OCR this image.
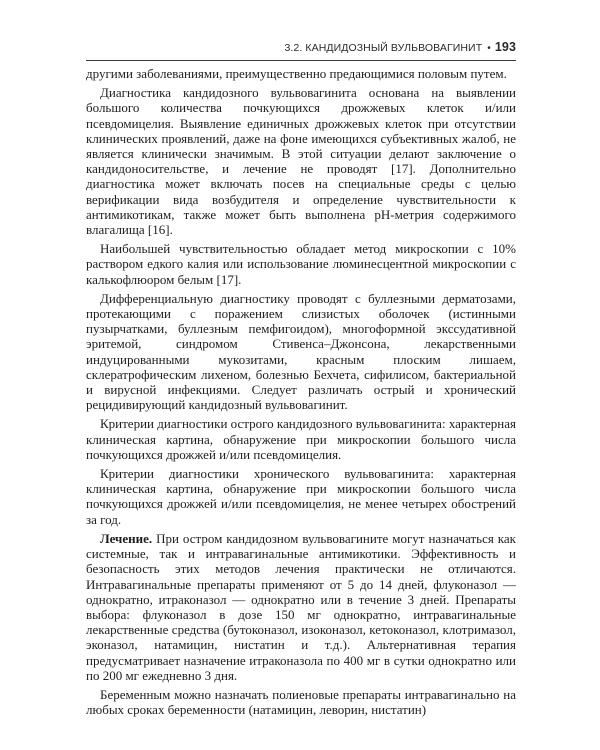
3.2. КАНДИДОЗНЫЙ ВУЛЬВОВАГИНИТ • 193

другими заболеваниями, преимущественно предающимися половым путем.

Диагностика кандидозного вульвовагинита основана на выявлении большого количества почкующихся дрожжевых клеток и/или псевдомицелия. Выявление единичных дрожжевых клеток при отсутствии клинических проявлений, даже на фоне имеющихся субъективных жалоб, не является клинически значимым. В этой ситуации делают заключение о кандидоносительстве, и лечение не проводят [17]. Дополнительно диагностика может включать посев на специальные среды с целью верификации вида возбудителя и определение чувствительности к антимикотикам, также может быть выполнена pH-метрия содержимого влагалища [16].

Наибольшей чувствительностью обладает метод микроскопии с 10% раствором едкого калия или использование люминесцентной микроскопии с калькофлюором белым [17].

Дифференциальную диагностику проводят с буллезными дерматозами, протекающими с поражением слизистых оболочек (истинными пузырчатками, буллезным пемфигоидом), многоформной экссудативной эритемой, синдромом Стивенса–Джонсона, лекарственными индуцированными мукозитами, красным плоским лишаем, склератрофическим лихеном, болезнью Бехчета, сифилисом, бактериальной и вирусной инфекциями. Следует различать острый и хронический рецидивирующий кандидозный вульвовагинит.

Критерии диагностики острого кандидозного вульвовагинита: характерная клиническая картина, обнаружение при микроскопии большого числа почкующихся дрожжей и/или псевдомицелия.

Критерии диагностики хронического вульвовагинита: характерная клиническая картина, обнаружение при микроскопии большого числа почкующихся дрожжей и/или псевдомицелия, не менее четырех обострений за год.

Лечение. При остром кандидозном вульвовагините могут назначаться как системные, так и интравагинальные антимикотики. Эффективность и безопасность этих методов лечения практически не отличаются. Интравагинальные препараты применяют от 5 до 14 дней, флуконазол — однократно, итраконазол — однократно или в течение 3 дней. Препараты выбора: флуконазол в дозе 150 мг однократно, интравагинальные лекарственные средства (бутоконазол, изоконазол, кетоконазол, клотримазол, эконазол, натамицин, нистатин и т.д.). Альтернативная терапия предусматривает назначение итраконазола по 400 мг в сутки однократно или по 200 мг ежедневно 3 дня.

Беременным можно назначать полиеновые препараты интравагинально на любых сроках беременности (натамицин, леворин, нистатин)
